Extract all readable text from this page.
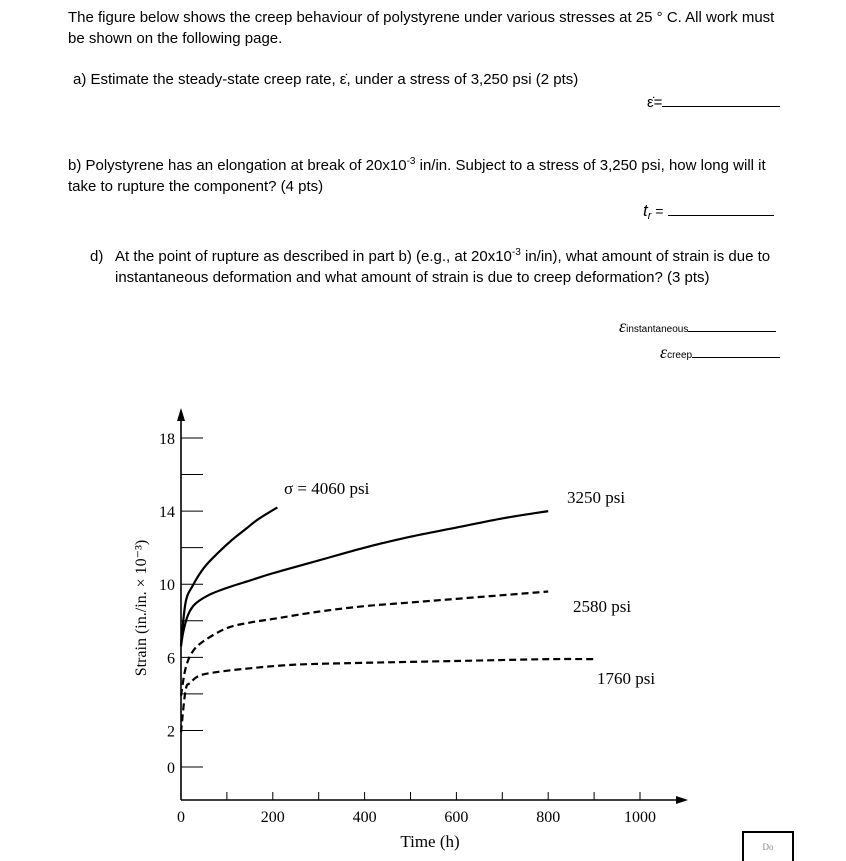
The figure below shows the creep behaviour of polystyrene under various stresses at 25 ° C. All work must be shown on the following page.

a) Estimate the steady-state creep rate, ε̇, under a stress of 3,250 psi (2 pts)

ε̇=

b) Polystyrene has an elongation at break of $20x10^{-3}$ in/in. Subject to a stress of 3,250 psi, how long will it take to rupture the component? (4 pts)

$t_r$ =
d) At the point of rupture as described in part b) (e.g., at $20x10^{-3}$ in/in), what amount of strain is due to instantaneous deformation and what amount of strain is due to creep deformation? (3 pts)

εinstantaneous
εcreep
0
2
6
10
14
18
0	200	400	600	800	1000
Time (h)
Strain (in./in. × 10⁻³)
σ = 4060 psi	3250 psi
2580 psi
1760 psi
Do
